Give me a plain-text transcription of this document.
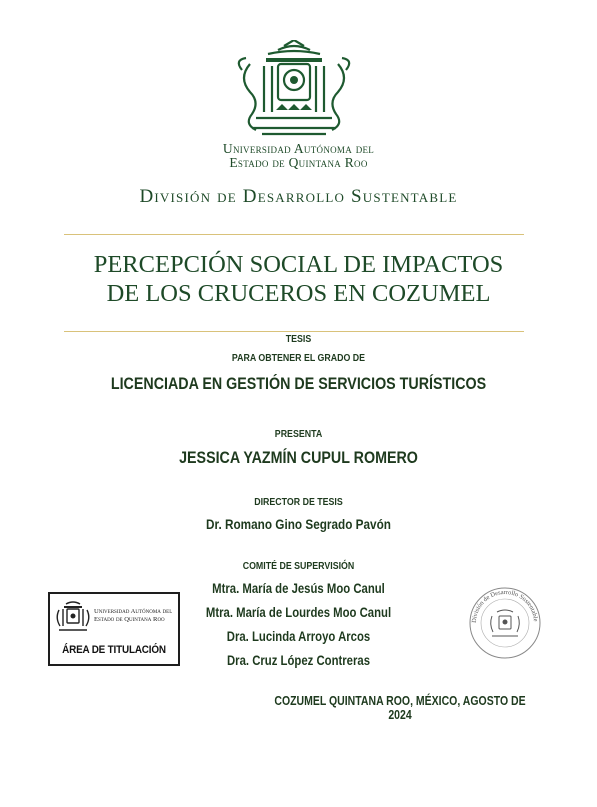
Universidad Autónoma del
Estado de Quintana Roo
División de Desarrollo Sustentable
PERCEPCIÓN SOCIAL DE IMPACTOS
DE LOS CRUCEROS EN COZUMEL
TESIS
PARA OBTENER EL GRADO DE
LICENCIADA EN GESTIÓN DE SERVICIOS TURÍSTICOS
PRESENTA
JESSICA YAZMÍN CUPUL ROMERO
DIRECTOR DE TESIS
Dr. Romano Gino Segrado Pavón
COMITÉ DE SUPERVISIÓN
Mtra. María de Jesús Moo Canul
Mtra. María de Lourdes Moo Canul
Dra. Lucinda Arroyo Arcos
Dra. Cruz López Contreras
Universidad Autónoma del
Estado de Quintana Roo
ÁREA DE TITULACIÓN
División de Desarrollo Sustentable
COZUMEL QUINTANA ROO, MÉXICO, AGOSTO DE 2024
